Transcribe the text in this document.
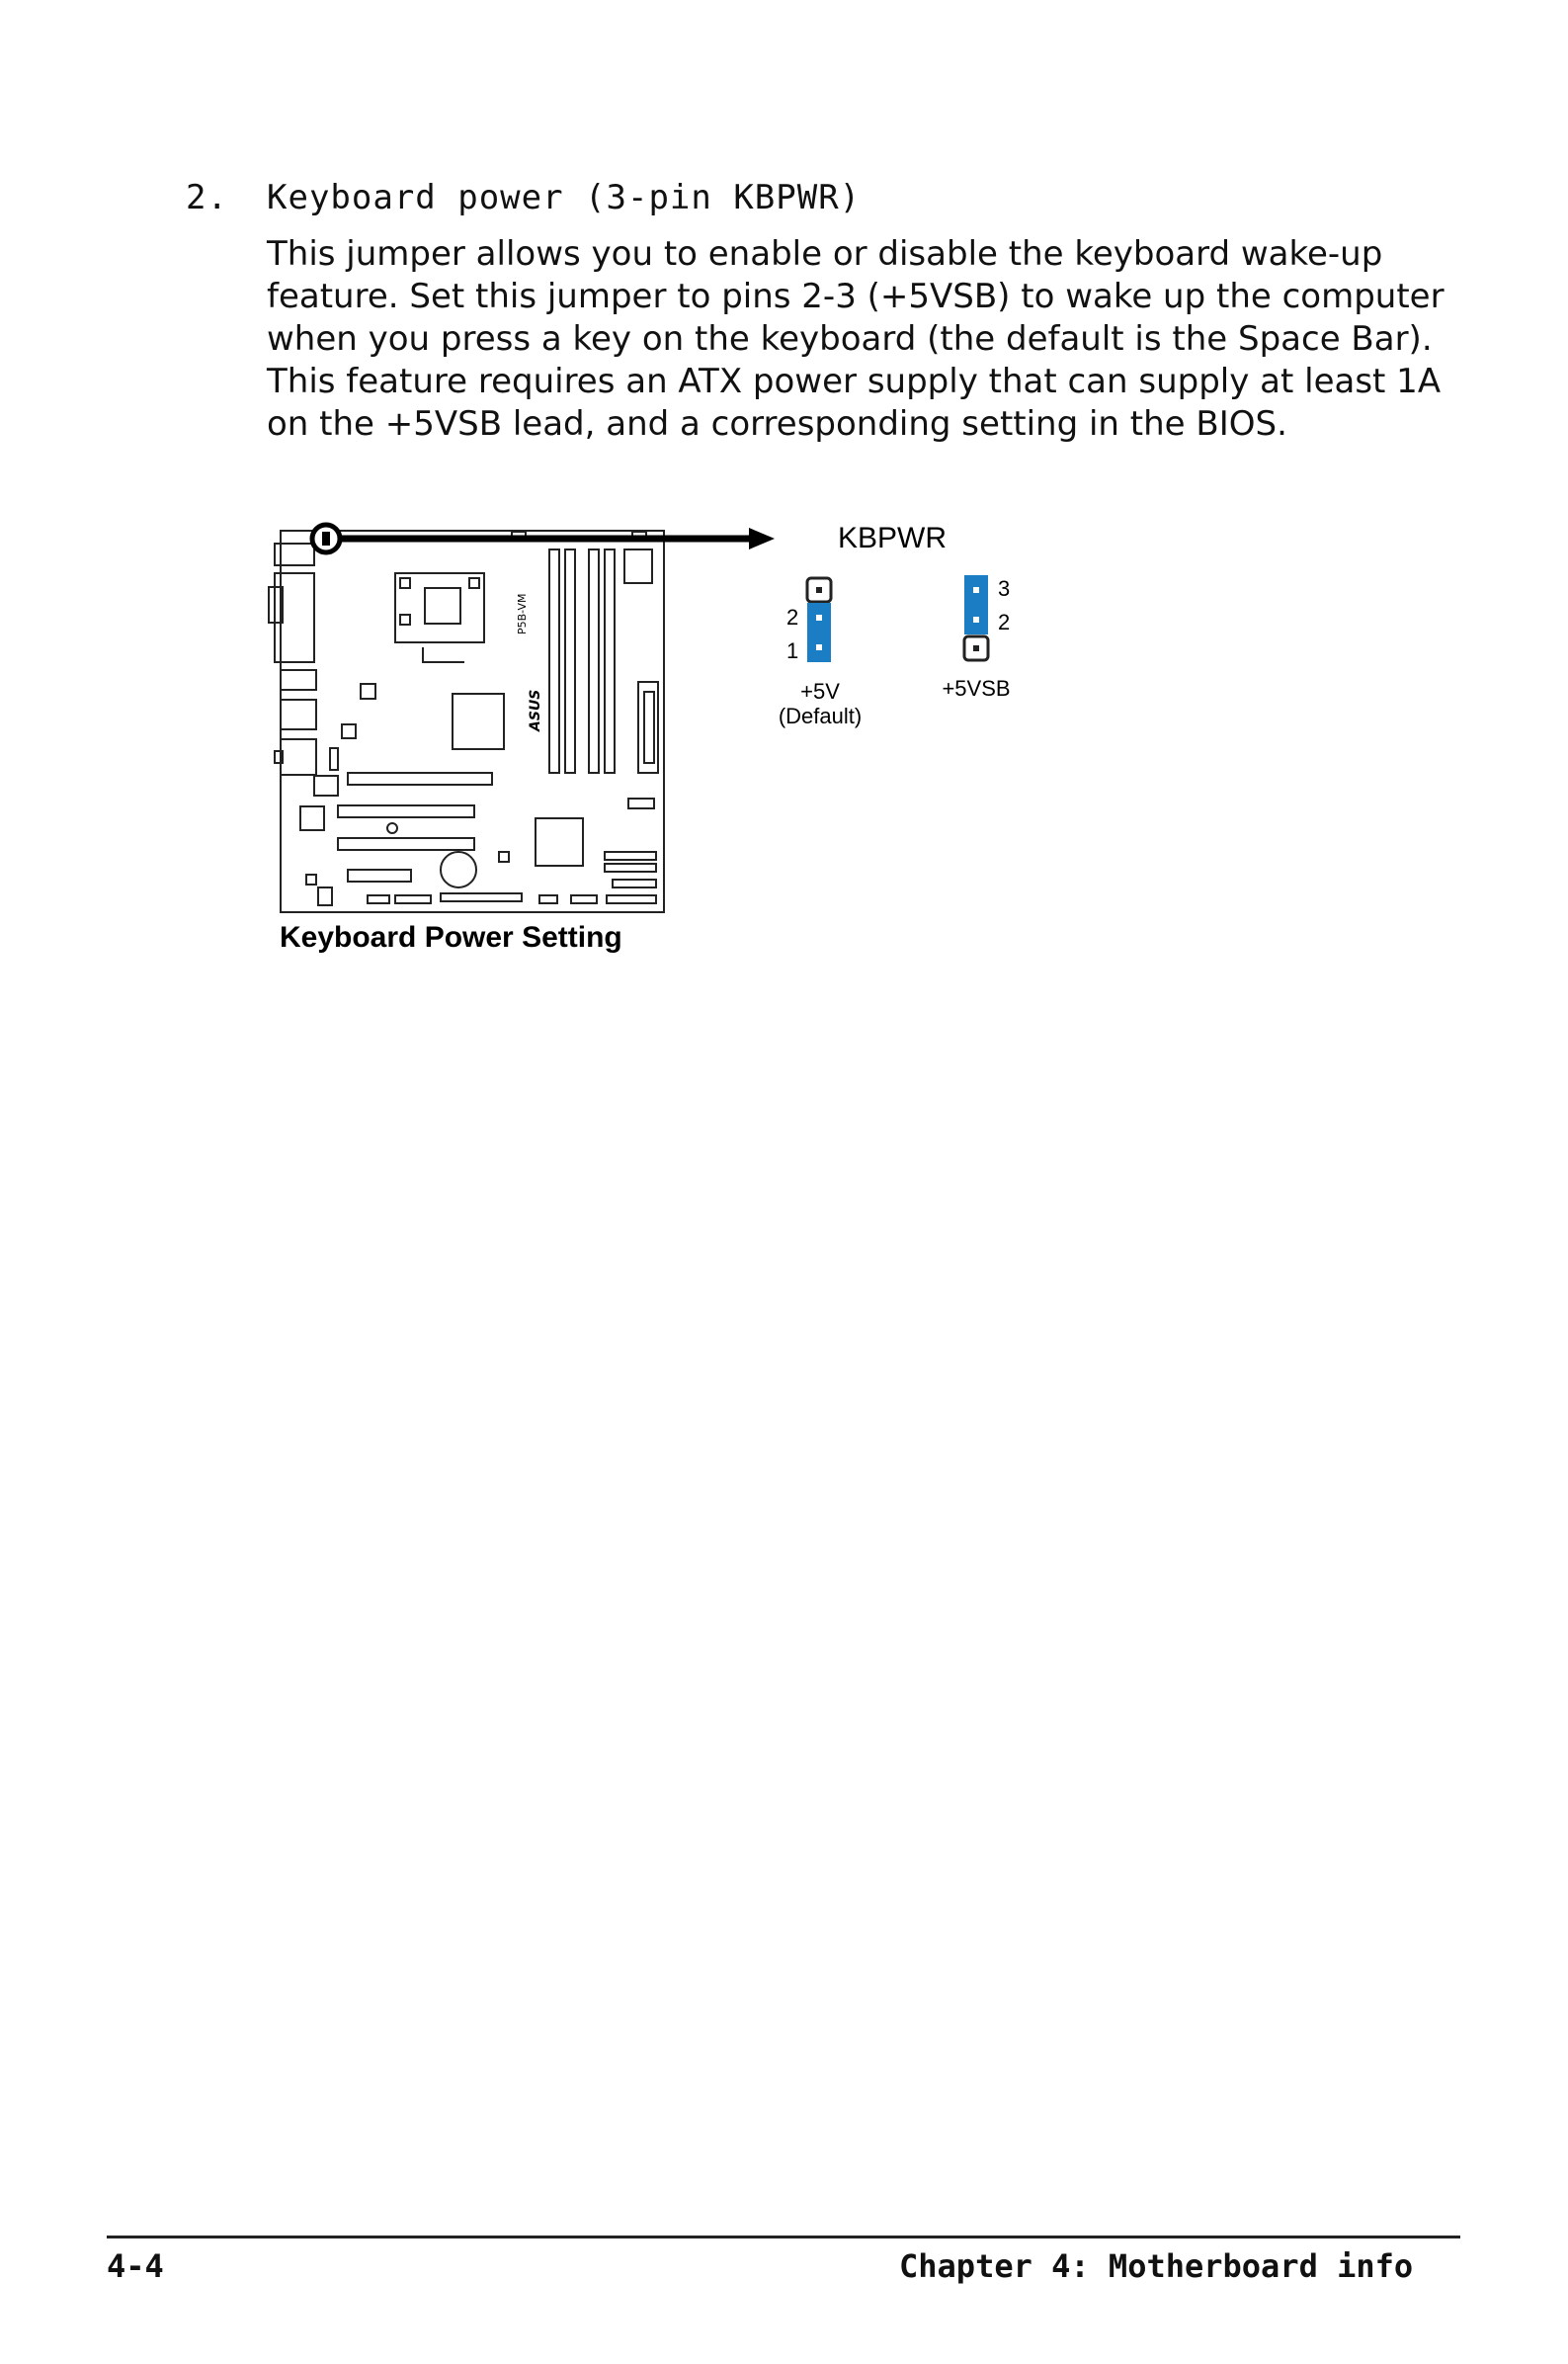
2. Keyboard power (3-pin KBPWR)

This jumper allows you to enable or disable the keyboard wake-up
feature. Set this jumper to pins 2-3 (+5VSB) to wake up the computer
when you press a key on the keyboard (the default is the Space Bar).
This feature requires an ATX power supply that can supply at least 1A
on the +5VSB lead, and a corresponding setting in the BIOS.

P5B-VM
ASUS
KBPWR
2
1
+5V
(Default)
3
2
+5VSB
Keyboard Power Setting
4-4	Chapter 4: Motherboard info
